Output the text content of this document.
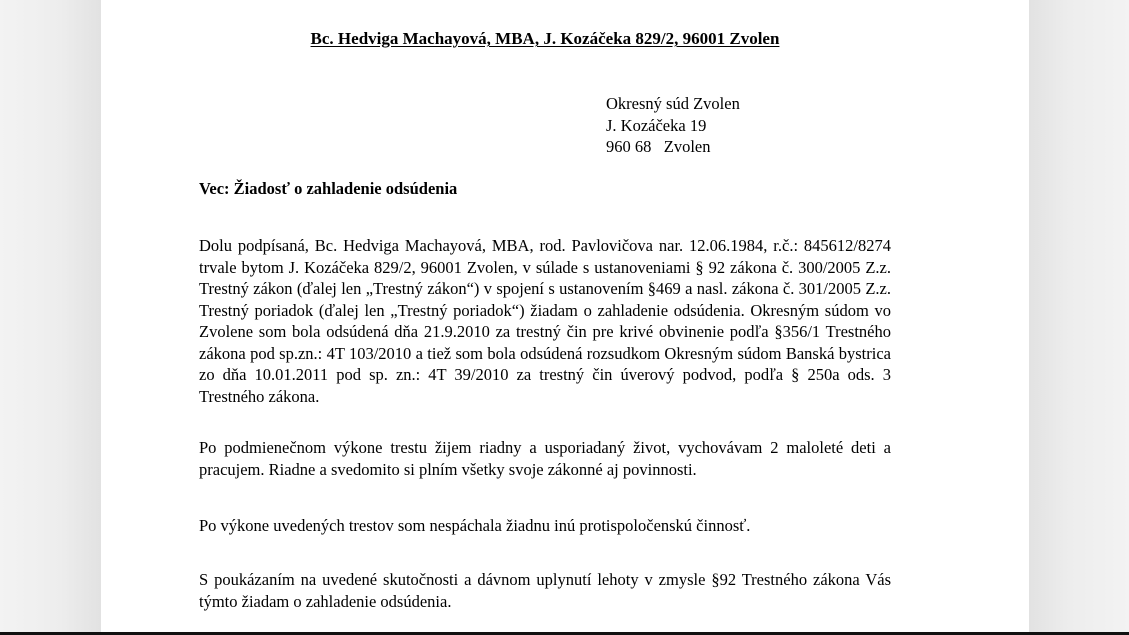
Bc. Hedviga Machayová, MBA, J. Kozáčeka 829/2, 96001 Zvolen
Okresný súd Zvolen
J. Kozáčeka 19
960 68   Zvolen
Vec: Žiadosť o zahladenie odsúdenia
Dolu podpísaná, Bc. Hedviga Machayová, MBA, rod. Pavlovičova nar. 12.06.1984, r.č.: 845612/8274 trvale bytom J. Kozáčeka 829/2, 96001 Zvolen, v súlade s ustanoveniami § 92 zákona č. 300/2005 Z.z. Trestný zákon (ďalej len „Trestný zákon“) v spojení s ustanovením §469 a nasl. zákona č. 301/2005 Z.z. Trestný poriadok (ďalej len „Trestný poriadok“) žiadam o zahladenie odsúdenia. Okresným súdom vo Zvolene som bola odsúdená dňa 21.9.2010 za trestný čin pre krivé obvinenie podľa §356/1 Trestného zákona pod sp.zn.: 4T 103/2010 a tiež som bola odsúdená rozsudkom Okresným súdom Banská bystrica zo dňa 10.01.2011 pod sp. zn.: 4T 39/2010 za trestný čin úverový podvod, podľa § 250a ods. 3 Trestného zákona.
Po podmienečnom výkone trestu žijem riadny a usporiadaný život, vychovávam 2 maloleté deti a pracujem. Riadne a svedomito si plním všetky svoje zákonné aj povinnosti.
Po výkone uvedených trestov som nespáchala žiadnu inú protispoločenskú činnosť.
S poukázaním na uvedené skutočnosti a dávnom uplynutí lehoty v zmysle §92 Trestného zákona Vás týmto žiadam o zahladenie odsúdenia.
